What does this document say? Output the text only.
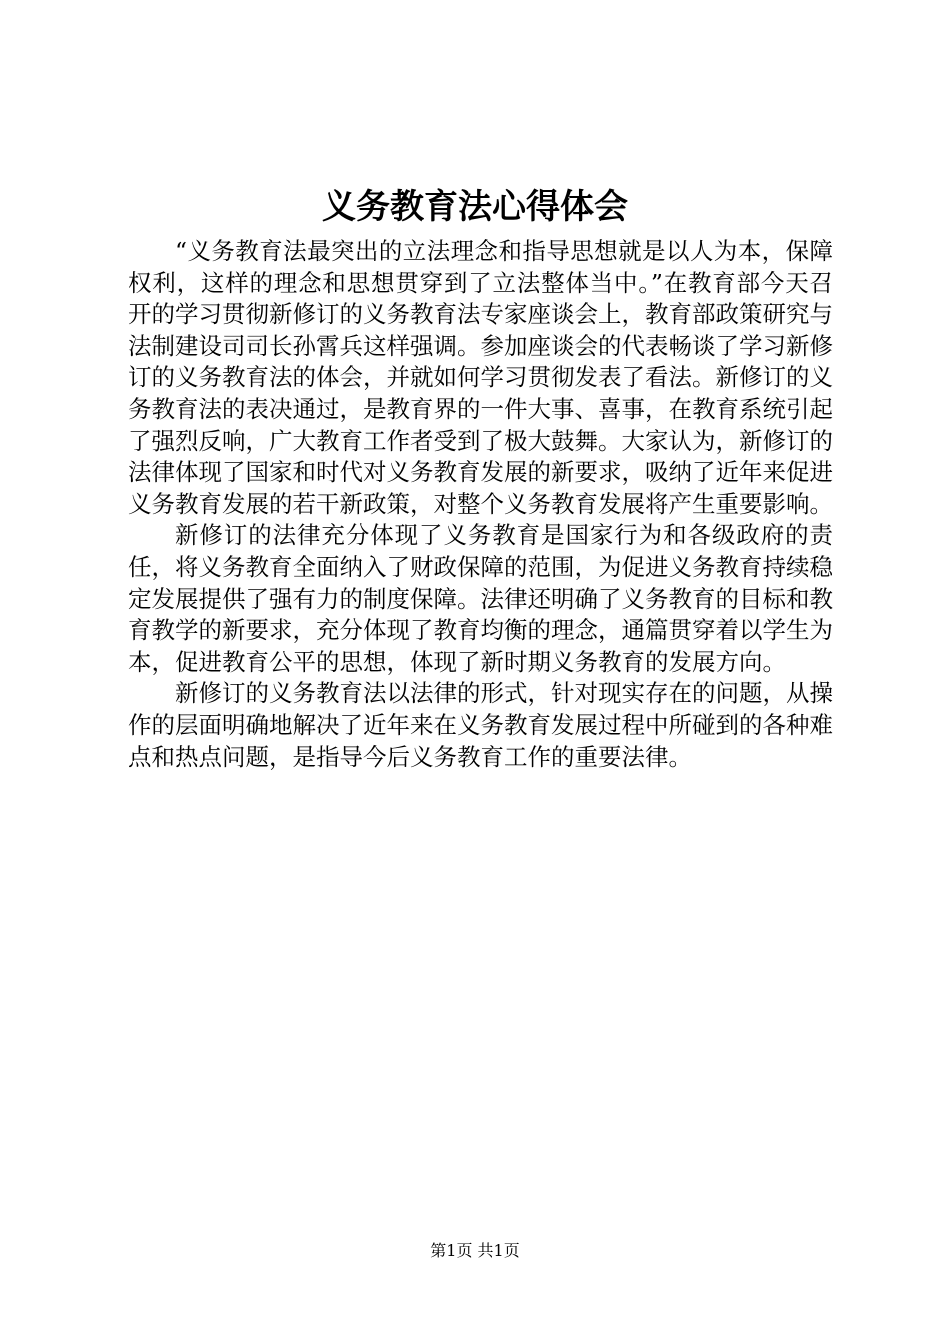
义务教育法心得体会

“义务教育法最突出的立法理念和指导思想就是以人为本，保障权利，这样的理念和思想贯穿到了立法整体当中。”在教育部今天召开的学习贯彻新修订的义务教育法专家座谈会上，教育部政策研究与法制建设司司长孙霄兵这样强调。参加座谈会的代表畅谈了学习新修订的义务教育法的体会，并就如何学习贯彻发表了看法。新修订的义务教育法的表决通过，是教育界的一件大事、喜事，在教育系统引起了强烈反响，广大教育工作者受到了极大鼓舞。大家认为，新修订的法律体现了国家和时代对义务教育发展的新要求，吸纳了近年来促进义务教育发展的若干新政策，对整个义务教育发展将产生重要影响。

新修订的法律充分体现了义务教育是国家行为和各级政府的责任，将义务教育全面纳入了财政保障的范围，为促进义务教育持续稳定发展提供了强有力的制度保障。法律还明确了义务教育的目标和教育教学的新要求，充分体现了教育均衡的理念，通篇贯穿着以学生为本，促进教育公平的思想，体现了新时期义务教育的发展方向。

新修订的义务教育法以法律的形式，针对现实存在的问题，从操作的层面明确地解决了近年来在义务教育发展过程中所碰到的各种难点和热点问题，是指导今后义务教育工作的重要法律。

第1页 共1页
